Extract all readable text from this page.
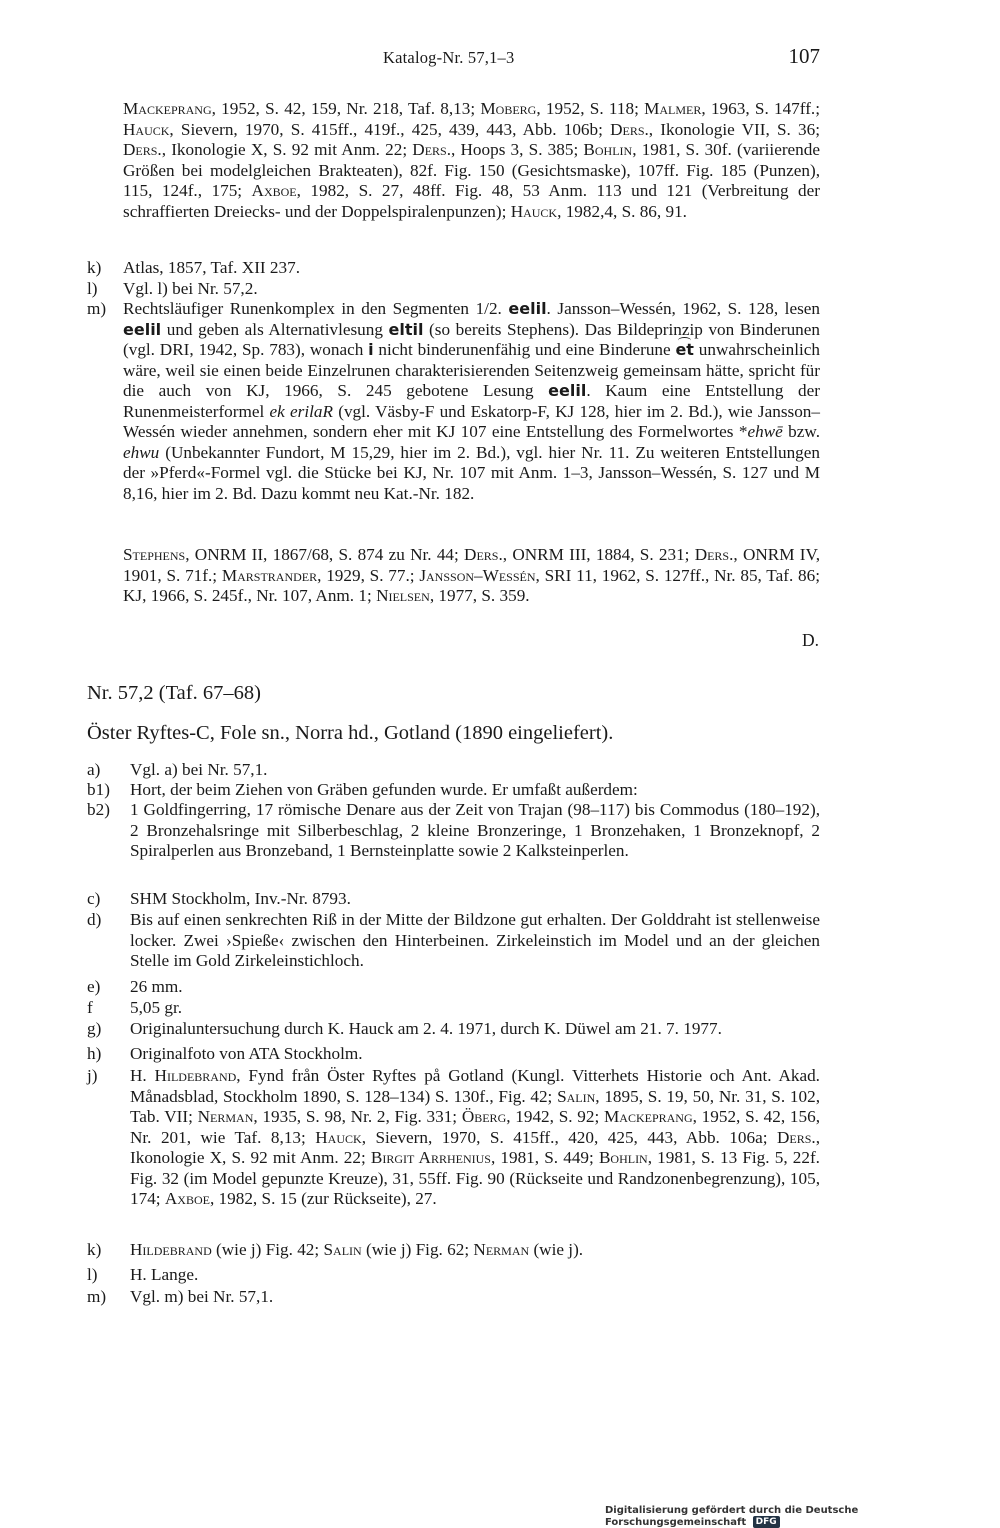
Katalog-Nr. 57,1–3	107
Mackeprang, 1952, S. 42, 159, Nr. 218, Taf. 8,13; Moberg, 1952, S. 118; Malmer, 1963, S. 147ff.; Hauck, Sievern, 1970, S. 415ff., 419f., 425, 439, 443, Abb. 106b; Ders., Ikonologie VII, S. 36; Ders., Ikonologie X, S. 92 mit Anm. 22; Ders., Hoops 3, S. 385; Bohlin, 1981, S. 30f. (variierende Größen bei modelgleichen Brakteaten), 82f. Fig. 150 (Gesichtsmaske), 107ff. Fig. 185 (Punzen), 115, 124f., 175; Axboe, 1982, S. 27, 48ff. Fig. 48, 53 Anm. 113 und 121 (Verbreitung der schraffierten Dreiecks- und der Doppelspiralenpunzen); Hauck, 1982,4, S. 86, 91.
k) Atlas, 1857, Taf. XII 237.
l) Vgl. l) bei Nr. 57,2.
m) Rechtsläufiger Runenkomplex in den Segmenten 1/2. eelil. Jansson–Wessén, 1962, S. 128, lesen eelil und geben als Alternativlesung eltil (so bereits Stephens). Das Bildeprinzip von Binderunen (vgl. DRI, 1942, Sp. 783), wonach i nicht binderunenfähig und eine Binderune et unwahrscheinlich wäre, weil sie einen beide Einzelrunen charakterisierenden Seitenzweig gemeinsam hätte, spricht für die auch von KJ, 1966, S. 245 gebotene Lesung eelil. Kaum eine Entstellung der Runenmeisterformel ek erilaR (vgl. Väsby-F und Eskatorp-F, KJ 128, hier im 2. Bd.), wie Jansson–Wessén wieder annehmen, sondern eher mit KJ 107 eine Entstellung des Formelwortes *ehwē bzw. ehwu (Unbekannter Fundort, M 15,29, hier im 2. Bd.), vgl. hier Nr. 11. Zu weiteren Entstellungen der »Pferd«-Formel vgl. die Stücke bei KJ, Nr. 107 mit Anm. 1–3, Jansson–Wessén, S. 127 und M 8,16, hier im 2. Bd. Dazu kommt neu Kat.-Nr. 182.
Stephens, ONRM II, 1867/68, S. 874 zu Nr. 44; Ders., ONRM III, 1884, S. 231; Ders., ONRM IV, 1901, S. 71f.; Marstrander, 1929, S. 77.; Jansson–Wessén, SRI 11, 1962, S. 127ff., Nr. 85, Taf. 86; KJ, 1966, S. 245f., Nr. 107, Anm. 1; Nielsen, 1977, S. 359.
D.
Nr. 57,2 (Taf. 67–68)
Öster Ryftes-C, Fole sn., Norra hd., Gotland (1890 eingeliefert).
a) Vgl. a) bei Nr. 57,1.
b1) Hort, der beim Ziehen von Gräben gefunden wurde. Er umfaßt außerdem:
b2) 1 Goldfingerring, 17 römische Denare aus der Zeit von Trajan (98–117) bis Commodus (180–192), 2 Bronzehalsringe mit Silberbeschlag, 2 kleine Bronzeringe, 1 Bronzehaken, 1 Bronzeknopf, 2 Spiralperlen aus Bronzeband, 1 Bernsteinplatte sowie 2 Kalksteinperlen.
c) SHM Stockholm, Inv.-Nr. 8793.
d) Bis auf einen senkrechten Riß in der Mitte der Bildzone gut erhalten. Der Golddraht ist stellenweise locker. Zwei ›Spieße‹ zwischen den Hinterbeinen. Zirkeleinstich im Model und an der gleichen Stelle im Gold Zirkeleinstichloch.
e) 26 mm.
f 5,05 gr.
g) Originaluntersuchung durch K. Hauck am 2. 4. 1971, durch K. Düwel am 21. 7. 1977.
h) Originalfoto von ATA Stockholm.
j) H. Hildebrand, Fynd från Öster Ryftes på Gotland (Kungl. Vitterhets Historie och Ant. Akad. Månadsblad, Stockholm 1890, S. 128–134) S. 130f., Fig. 42; Salin, 1895, S. 19, 50, Nr. 31, S. 102, Tab. VII; Nerman, 1935, S. 98, Nr. 2, Fig. 331; Öberg, 1942, S. 92; Mackeprang, 1952, S. 42, 156, Nr. 201, wie Taf. 8,13; Hauck, Sievern, 1970, S. 415ff., 420, 425, 443, Abb. 106a; Ders., Ikonologie X, S. 92 mit Anm. 22; Birgit Arrhenius, 1981, S. 449; Bohlin, 1981, S. 13 Fig. 5, 22f. Fig. 32 (im Model gepunzte Kreuze), 31, 55ff. Fig. 90 (Rückseite und Randzonenbegrenzung), 105, 174; Axboe, 1982, S. 15 (zur Rückseite), 27.
k) Hildebrand (wie j) Fig. 42; Salin (wie j) Fig. 62; Nerman (wie j).
l) H. Lange.
m) Vgl. m) bei Nr. 57,1.
Digitalisierung gefördert durch die Deutsche Forschungsgemeinschaft DFG
